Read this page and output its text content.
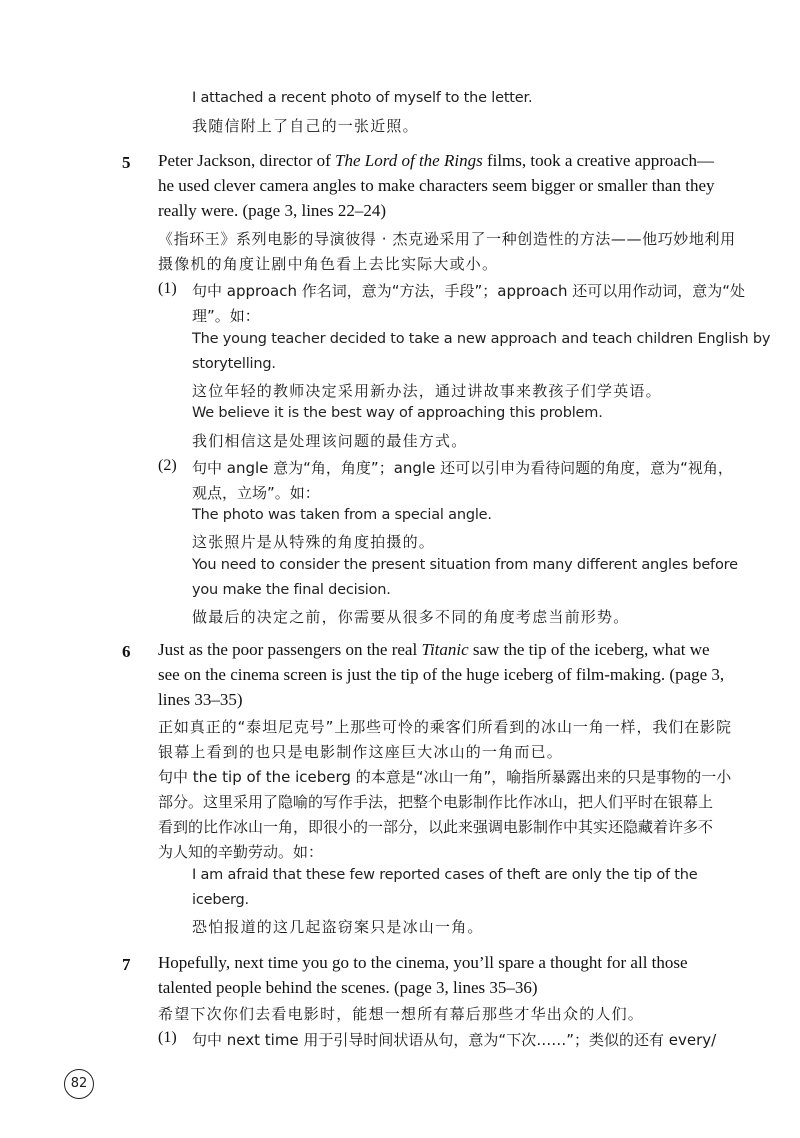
I attached a recent photo of myself to the letter.
我随信附上了自己的一张近照。
5 Peter Jackson, director of The Lord of the Rings films, took a creative approach—
he used clever camera angles to make characters seem bigger or smaller than they
really were. (page 3, lines 22–24)
《指环王》系列电影的导演彼得 · 杰克逊采用了一种创造性的方法——他巧妙地利用
摄像机的角度让剧中角色看上去比实际大或小。
(1) 句中 approach 作名词，意为“方法，手段”；approach 还可以用作动词，意为“处
理”。如：
The young teacher decided to take a new approach and teach children English by
storytelling.
这位年轻的教师决定采用新办法，通过讲故事来教孩子们学英语。
We believe it is the best way of approaching this problem.
我们相信这是处理该问题的最佳方式。
(2) 句中 angle 意为“角，角度”；angle 还可以引申为看待问题的角度，意为“视角，
观点，立场”。如：
The photo was taken from a special angle.
这张照片是从特殊的角度拍摄的。
You need to consider the present situation from many different angles before
you make the final decision.
做最后的决定之前，你需要从很多不同的角度考虑当前形势。
6 Just as the poor passengers on the real Titanic saw the tip of the iceberg, what we
see on the cinema screen is just the tip of the huge iceberg of film-making. (page 3,
lines 33–35)
正如真正的“泰坦尼克号”上那些可怜的乘客们所看到的冰山一角一样，我们在影院
银幕上看到的也只是电影制作这座巨大冰山的一角而已。
句中 the tip of the iceberg 的本意是“冰山一角”，喻指所暴露出来的只是事物的一小
部分。这里采用了隐喻的写作手法，把整个电影制作比作冰山，把人们平时在银幕上
看到的比作冰山一角，即很小的一部分，以此来强调电影制作中其实还隐藏着许多不
为人知的辛勤劳动。如：
I am afraid that these few reported cases of theft are only the tip of the
iceberg.
恐怕报道的这几起盗窃案只是冰山一角。
7 Hopefully, next time you go to the cinema, you’ll spare a thought for all those
talented people behind the scenes. (page 3, lines 35–36)
希望下次你们去看电影时，能想一想所有幕后那些才华出众的人们。
(1) 句中 next time 用于引导时间状语从句，意为“下次……”；类似的还有 every/
82
